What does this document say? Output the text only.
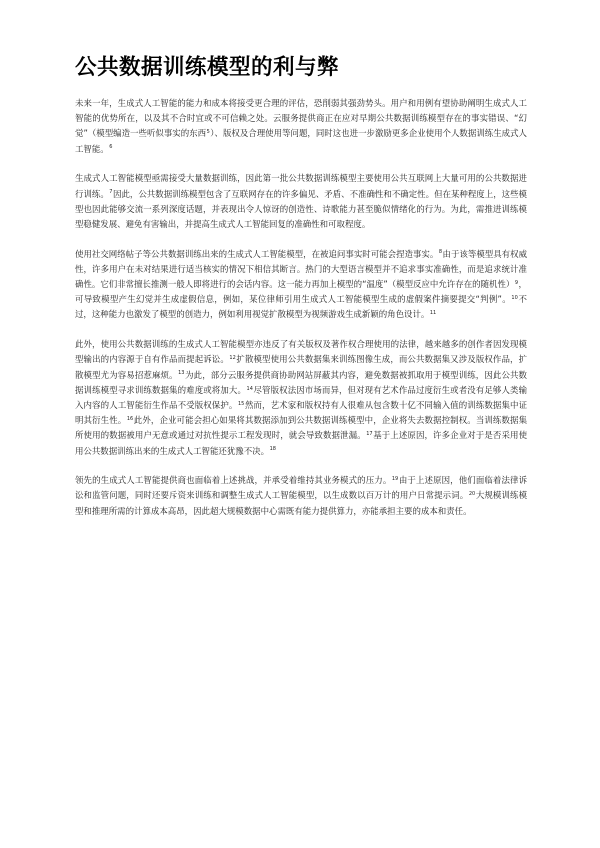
公共数据训练模型的利与弊

未来一年，生成式人工智能的能力和成本将接受更合理的评估，恐削弱其强劲势头。用户和用例有望协助阐明生成式人工智能的优势所在，以及其不合时宜或不可信赖之处。云服务提供商正在应对早期公共数据训练模型存在的事实错误、“幻觉”（模型编造一些听似事实的东西$^5$）、版权及合理使用等问题，同时这也进一步激励更多企业使用个人数据训练生成式人工智能。$^6$

生成式人工智能模型亟需接受大量数据训练，因此第一批公共数据训练模型主要使用公共互联网上大量可用的公共数据进行训练。$^7$因此，公共数据训练模型包含了互联网存在的许多偏见、矛盾、不准确性和不确定性。但在某种程度上，这些模型也因此能够交流一系列深度话题，并表现出令人惊讶的创造性、诗歌能力甚至脆似情绪化的行为。为此，需推进训练模型稳健发展、避免有害输出，并提高生成式人工智能回复的准确性和可取程度。

使用社交网络帖子等公共数据训练出来的生成式人工智能模型，在被追问事实时可能会捏造事实。$^8$由于该等模型具有权威性，许多用户在未对结果进行适当核实的情况下相信其断言。热门的大型语言模型并不追求事实准确性，而是追求统计准确性。它们非常擅长推测一般人即将进行的会话内容。这一能力再加上模型的“温度”（模型反应中允许存在的随机性）$^9$，可导致模型产生幻觉并生成虚假信息，例如，某位律师引用生成式人工智能模型生成的虚假案件摘要提交“判例”。$^{10}$不过，这种能力也激发了模型的创造力，例如利用视觉扩散模型为视频游戏生成新颖的角色设计。$^{11}$

此外，使用公共数据训练的生成式人工智能模型亦违反了有关版权及著作权合理使用的法律，越来越多的创作者因发现模型输出的内容源于自有作品而提起诉讼。$^{12}$扩散模型使用公共数据集来训练图像生成，而公共数据集又涉及版权作品，扩散模型尤为容易招惹麻烦。$^{13}$为此，部分云服务提供商协助网站屏蔽其内容，避免数据被抓取用于模型训练，因此公共数据训练模型寻求训练数据集的难度或将加大。$^{14}$尽管版权法因市场而异，但对现有艺术作品过度衍生或者没有足够人类输入内容的人工智能衍生作品不受版权保护。$^{15}$然而，艺术家和版权持有人很难从包含数十亿不同输入值的训练数据集中证明其衍生性。$^{16}$此外，企业可能会担心如果将其数据添加到公共数据训练模型中，企业将失去数据控制权。当训练数据集所使用的数据被用户无意或通过对抗性提示工程发现时，就会导致数据泄漏。$^{17}$基于上述原因，许多企业对于是否采用使用公共数据训练出来的生成式人工智能还犹豫不决。$^{18}$

领先的生成式人工智能提供商也面临着上述挑战，并承受着维持其业务模式的压力。$^{19}$由于上述原因，他们面临着法律诉讼和监管问题，同时还要斥资来训练和调整生成式人工智能模型，以生成数以百万计的用户日常提示词。$^{20}$大规模训练模型和推理所需的计算成本高昂，因此超大规模数据中心需既有能力提供算力，亦能承担主要的成本和责任。
